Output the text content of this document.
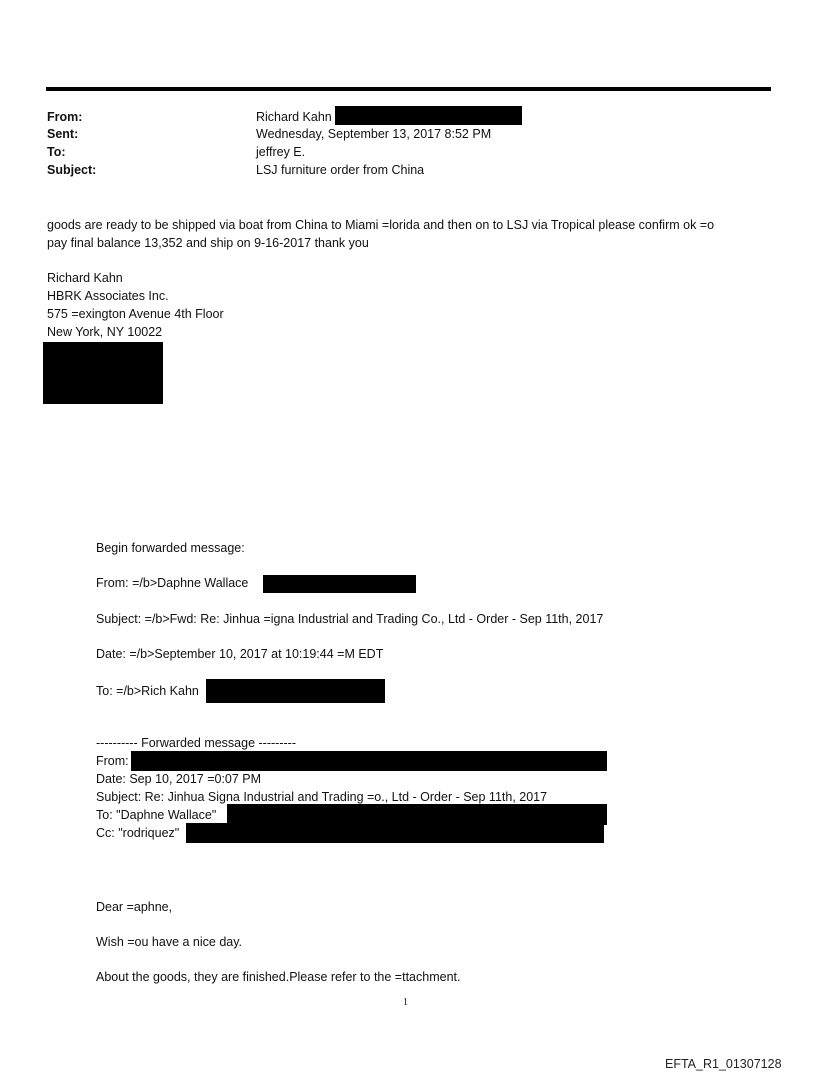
From:
Sent:
To:
Subject:
Richard Kahn
Wednesday, September 13, 2017 8:52 PM
jeffrey E.
LSJ furniture order from China
goods are ready to be shipped via boat from China to Miami =lorida and then on to LSJ via Tropical please confirm ok =o
pay final balance 13,352 and ship on 9-16-2017 thank you
Richard Kahn
HBRK Associates Inc.
575 =exington Avenue 4th Floor
New York, NY 10022
Begin forwarded message:
From: =/b>Daphne Wallace
Subject: =/b>Fwd: Re: Jinhua =igna Industrial and Trading Co., Ltd - Order - Sep 11th, 2017
Date: =/b>September 10, 2017 at 10:19:44 =M EDT
To: =/b>Rich Kahn
---------- Forwarded message ---------
From:
Date: Sep 10, 2017 =0:07 PM
Subject: Re: Jinhua Signa Industrial and Trading =o., Ltd - Order - Sep 11th, 2017
To: "Daphne Wallace"
Cc: "rodriquez"
Dear =aphne,
Wish =ou have a nice day.
About the goods, they are finished.Please refer to the =ttachment.
1
EFTA_R1_01307128
